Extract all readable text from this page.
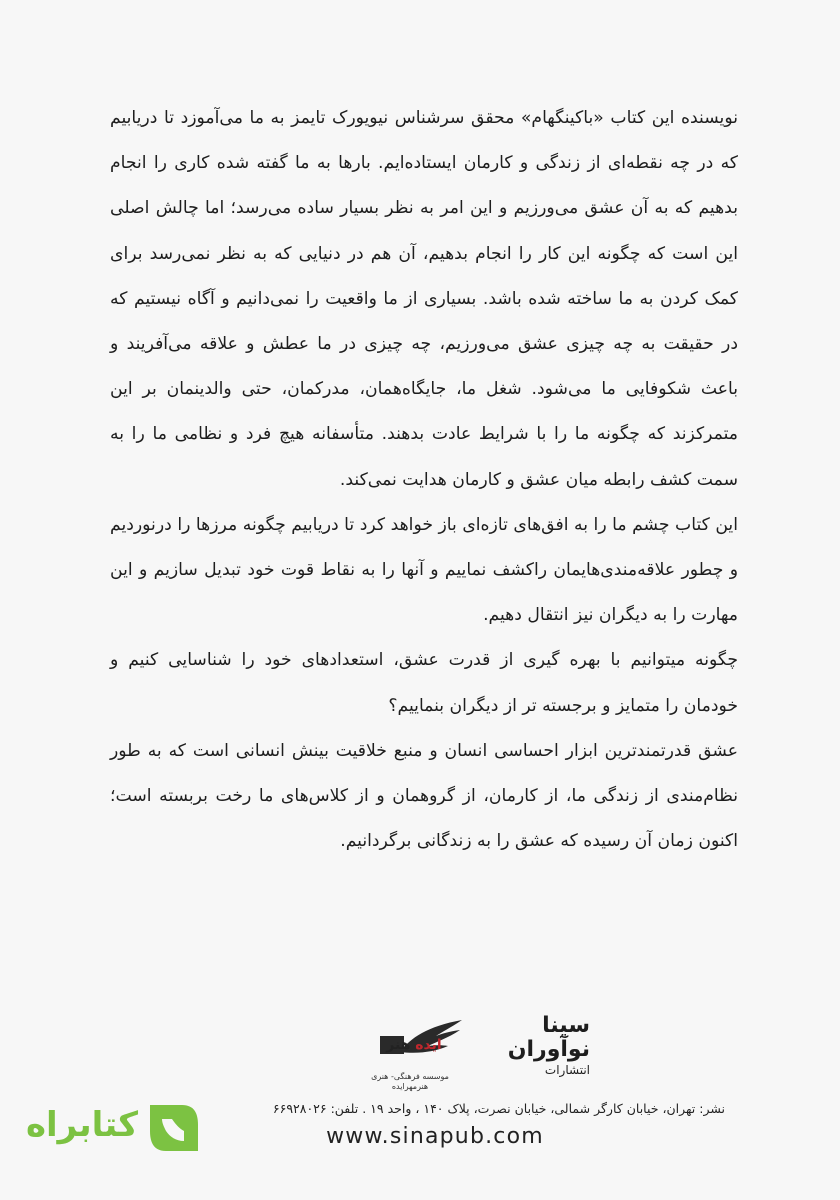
نویسنده این کتاب «باکینگهام» محقق سرشناس نیویورک تایمز به ما می‌آموزد تا دریابیم که در چه نقطه‌ای از زندگی و کارمان ایستاده‌ایم. بارها به ما گفته شده کاری را انجام بدهیم که به آن عشق می‌ورزیم و این امر به نظر بسیار ساده می‌رسد؛ اما چالش اصلی این است که چگونه این کار را انجام بدهیم، آن هم در دنیایی که به نظر نمی‌رسد برای کمک کردن به ما ساخته شده باشد. بسیاری از ما واقعیت را نمی‌دانیم و آگاه نیستیم که در حقیقت به چه چیزی عشق می‌ورزیم، چه چیزی در ما عطش و علاقه می‌آفریند و باعث شکوفایی ما می‌شود. شغل ما، جایگاه‌همان، مدرکمان، حتی والدینمان بر این متمرکزند که چگونه ما را با شرایط عادت بدهند. متأسفانه هیچ فرد و نظامی ما را به سمت کشف رابطه میان عشق و کارمان هدایت نمی‌کند.

این کتاب چشم ما را به افق‌های تازه‌ای باز خواهد کرد تا دریابیم چگونه مرزها را درنوردیم و چطور علاقه‌مندی‌هایمان راکشف نماییم و آنها را به نقاط قوت خود تبدیل سازیم و این مهارت را به دیگران نیز انتقال دهیم.

چگونه میتوانیم با بهره گیری از قدرت عشق، استعدادهای خود را شناسایی کنیم و خودمان را متمایز و برجسته تر از دیگران بنماییم؟

عشق قدرتمندترین ابزار احساسی انسان و منبع خلاقیت بینش انسانی است که به طور نظام‌مندی از زندگی ما، از کارمان، از گروهمان و از کلاس‌های ما رخت بربسته است؛ اکنون زمان آن رسیده که عشق را به زندگانی برگردانیم.

سینا
نوآوران
انتشارات
ایده هنر
موسسه فرهنگی- هنری
هنرمهرایده
نشر: تهران، خیابان کارگر شمالی، خیابان نصرت، پلاک ۱۴۰ ، واحد ۱۹ . تلفن: ۶۶۹۲۸۰۲۶
www.sinapub.com
کتابراه
